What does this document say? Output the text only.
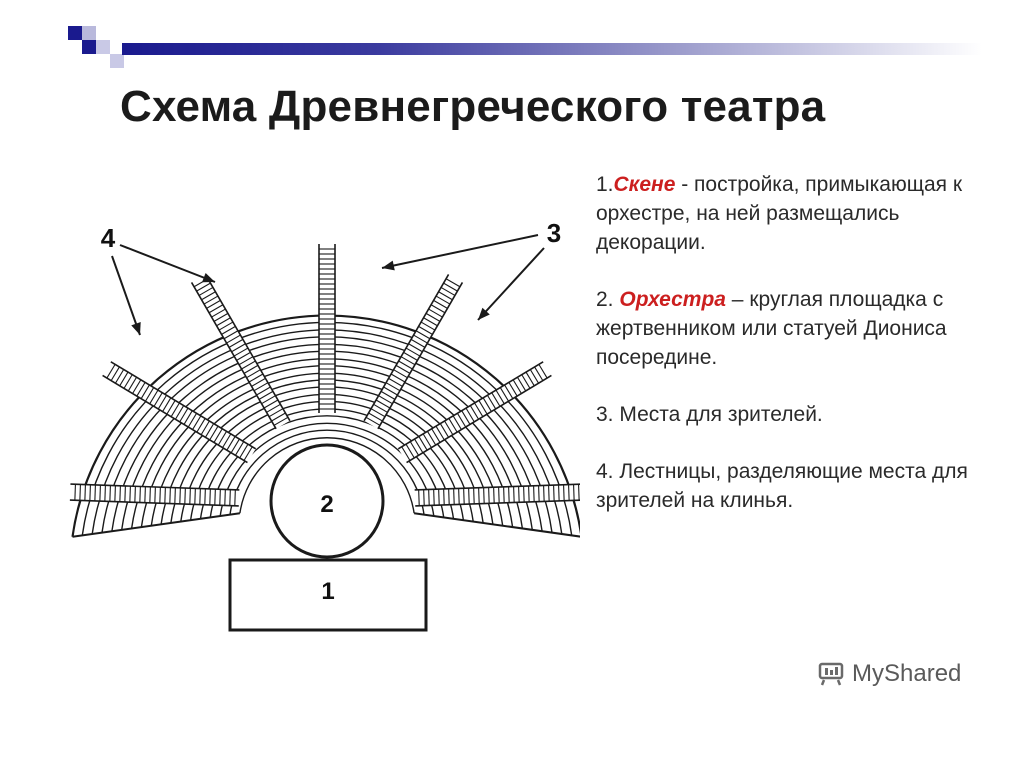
Схема Древнегреческого театра
1
2
4	3

1.Скене - постройка, примыкающая к орхестре, на ней размещались декорации.

2. Орхестра – круглая площадка с жертвенником или статуей Диониса посередине.

3. Места для зрителей.

4. Лестницы, разделяющие места для зрителей на клинья.

MyShared
